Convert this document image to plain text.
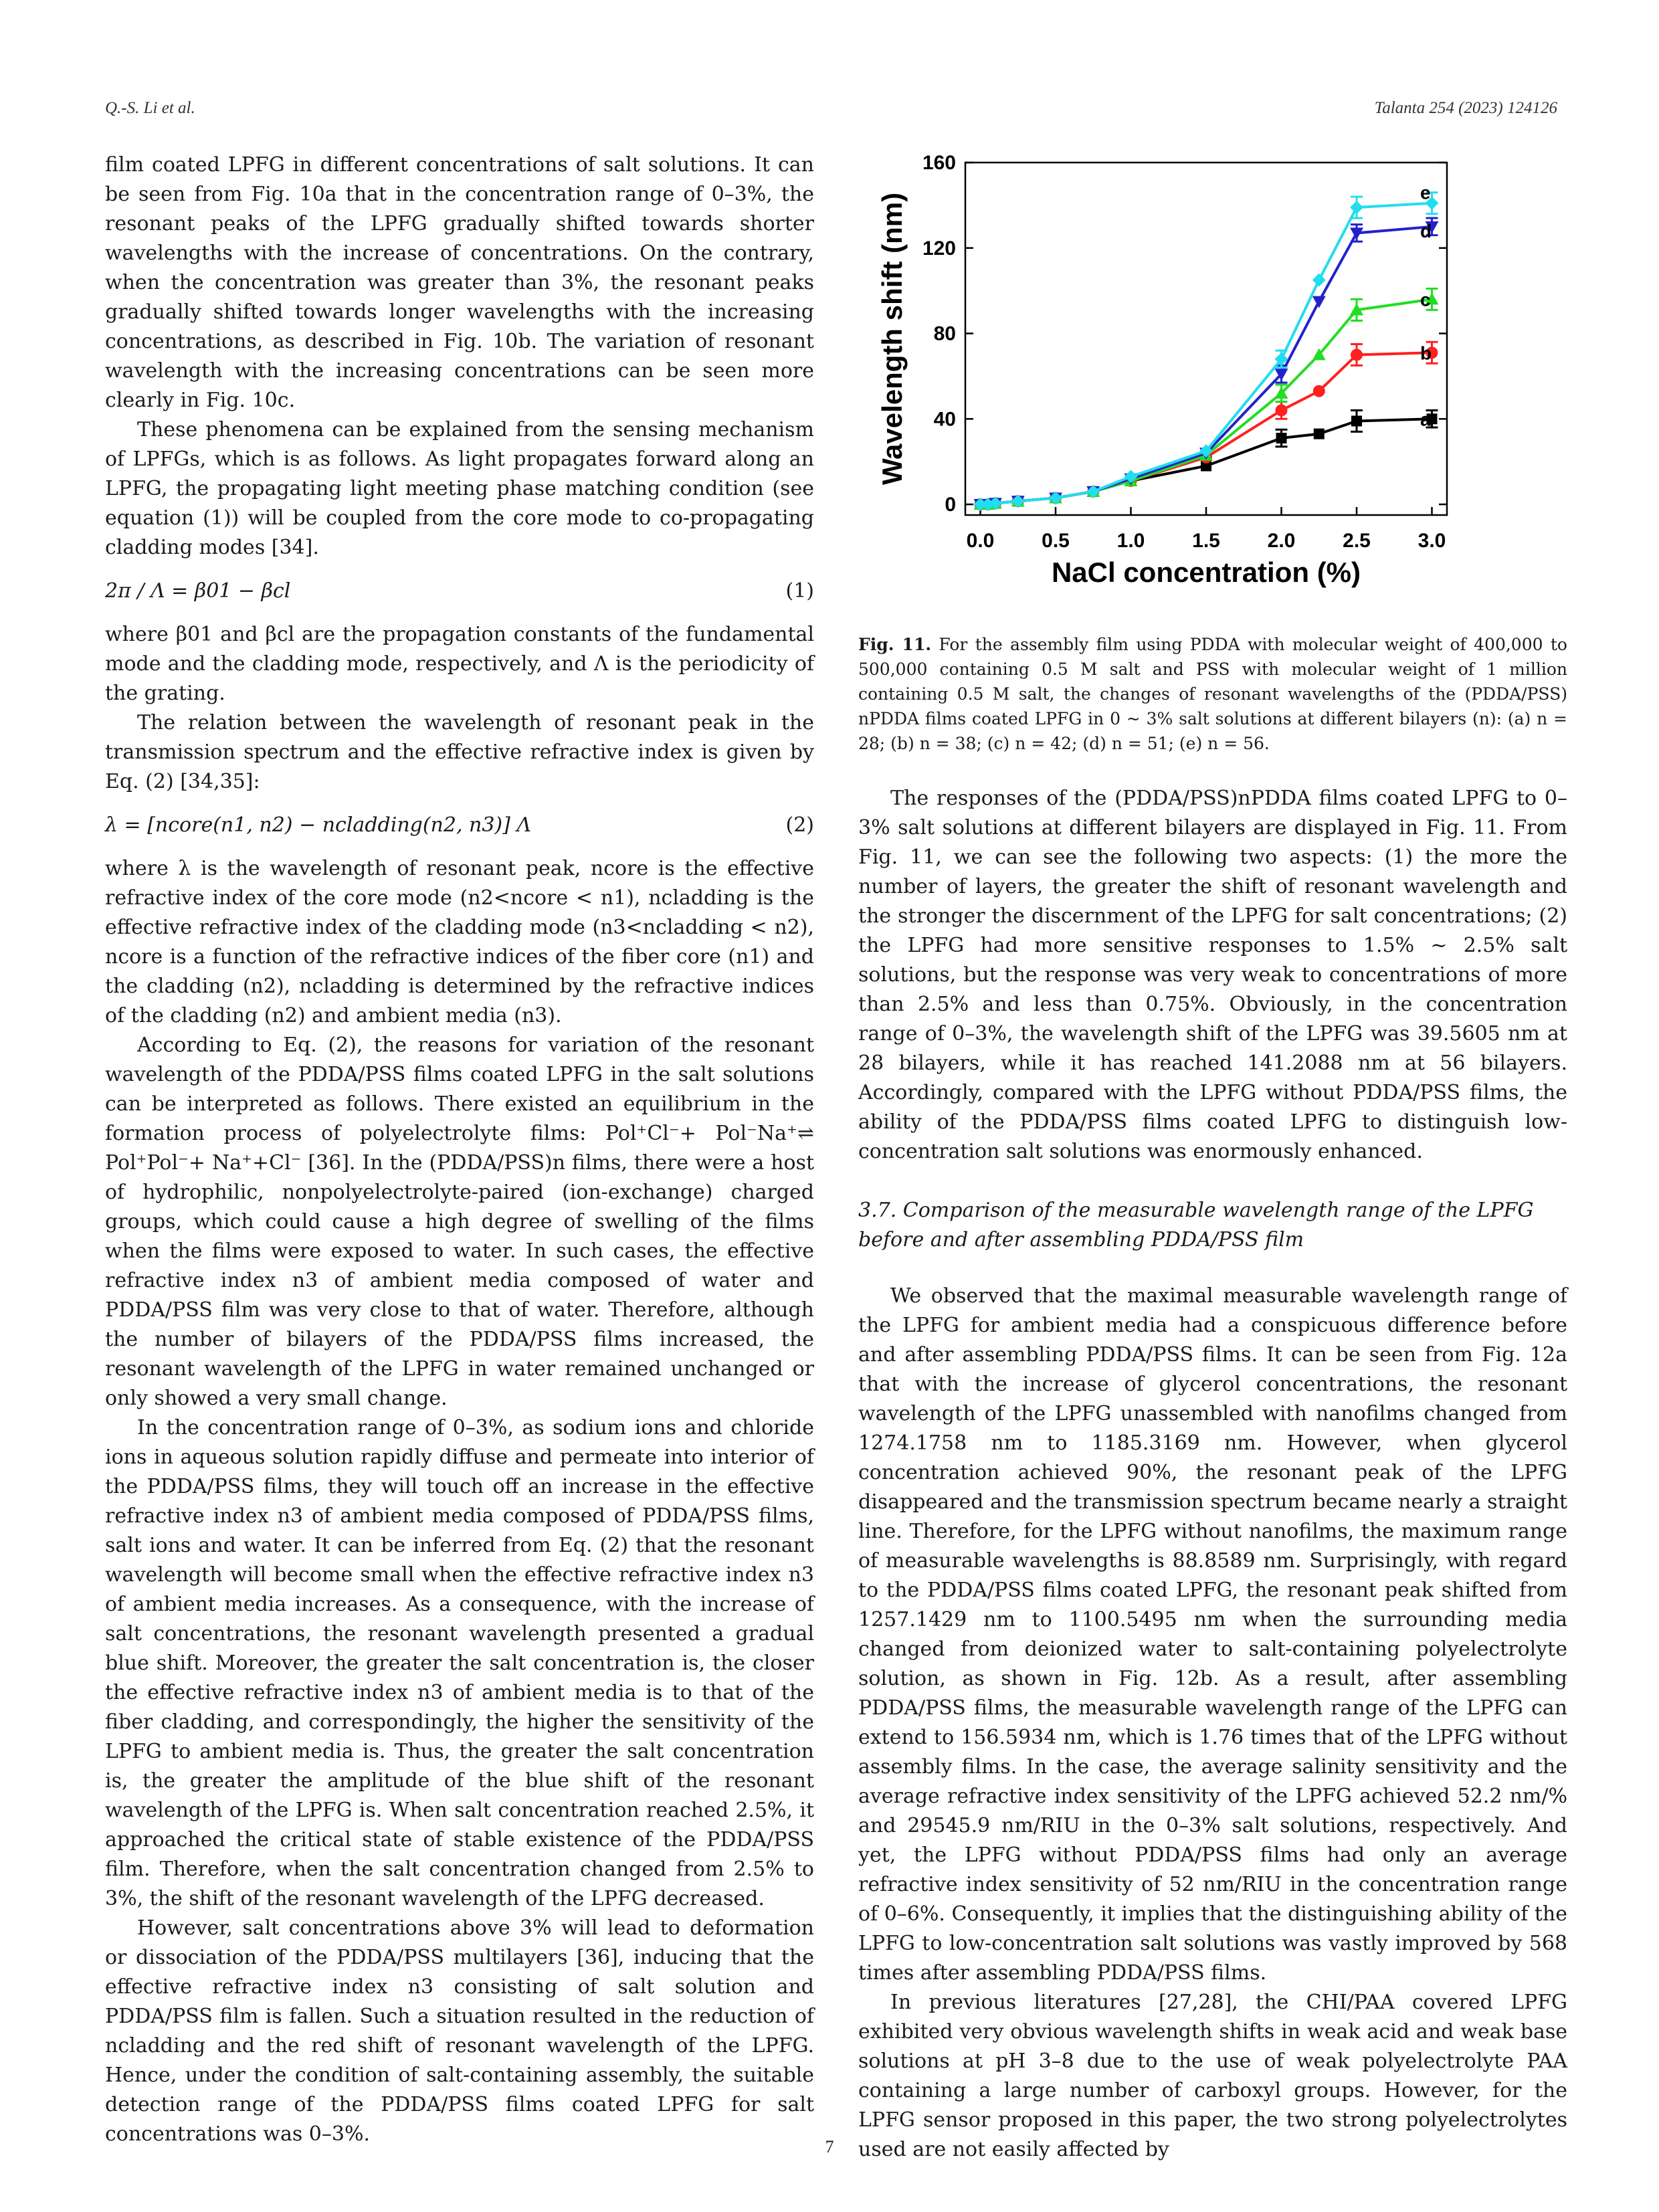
Q.-S. Li et al.	Talanta 254 (2023) 124126

film coated LPFG in different concentrations of salt solutions. It can be seen from Fig. 10a that in the concentration range of 0–3%, the resonant peaks of the LPFG gradually shifted towards shorter wavelengths with the increase of concentrations. On the contrary, when the concentration was greater than 3%, the resonant peaks gradually shifted towards longer wavelengths with the increasing concentrations, as described in Fig. 10b. The variation of resonant wavelength with the increasing concentrations can be seen more clearly in Fig. 10c.

These phenomena can be explained from the sensing mechanism of LPFGs, which is as follows. As light propagates forward along an LPFG, the propagating light meeting phase matching condition (see equation (1)) will be coupled from the core mode to co-propagating cladding modes [34].

2π / Λ = β01 − βcl	(1)

where β01 and βcl are the propagation constants of the fundamental mode and the cladding mode, respectively, and Λ is the periodicity of the grating.

The relation between the wavelength of resonant peak in the transmission spectrum and the effective refractive index is given by Eq. (2) [34,35]:

λ = [ncore(n1, n2) − ncladding(n2, n3)] Λ	(2)

where λ is the wavelength of resonant peak, ncore is the effective refractive index of the core mode (n2<ncore < n1), ncladding is the effective refractive index of the cladding mode (n3<ncladding < n2), ncore is a function of the refractive indices of the fiber core (n1) and the cladding (n2), ncladding is determined by the refractive indices of the cladding (n2) and ambient media (n3).

According to Eq. (2), the reasons for variation of the resonant wavelength of the PDDA/PSS films coated LPFG in the salt solutions can be interpreted as follows. There existed an equilibrium in the formation process of polyelectrolyte films: Pol⁺Cl⁻+ Pol⁻Na⁺⇌ Pol⁺Pol⁻+ Na⁺+Cl⁻ [36]. In the (PDDA/PSS)n films, there were a host of hydrophilic, nonpolyelectrolyte-paired (ion-exchange) charged groups, which could cause a high degree of swelling of the films when the films were exposed to water. In such cases, the effective refractive index n3 of ambient media composed of water and PDDA/PSS film was very close to that of water. Therefore, although the number of bilayers of the PDDA/PSS films increased, the resonant wavelength of the LPFG in water remained unchanged or only showed a very small change.

In the concentration range of 0–3%, as sodium ions and chloride ions in aqueous solution rapidly diffuse and permeate into interior of the PDDA/PSS films, they will touch off an increase in the effective refractive index n3 of ambient media composed of PDDA/PSS films, salt ions and water. It can be inferred from Eq. (2) that the resonant wavelength will become small when the effective refractive index n3 of ambient media increases. As a consequence, with the increase of salt concentrations, the resonant wavelength presented a gradual blue shift. Moreover, the greater the salt concentration is, the closer the effective refractive index n3 of ambient media is to that of the fiber cladding, and correspondingly, the higher the sensitivity of the LPFG to ambient media is. Thus, the greater the salt concentration is, the greater the amplitude of the blue shift of the resonant wavelength of the LPFG is. When salt concentration reached 2.5%, it approached the critical state of stable existence of the PDDA/PSS film. Therefore, when the salt concentration changed from 2.5% to 3%, the shift of the resonant wavelength of the LPFG decreased.

However, salt concentrations above 3% will lead to deformation or dissociation of the PDDA/PSS multilayers [36], inducing that the effective refractive index n3 consisting of salt solution and PDDA/PSS film is fallen. Such a situation resulted in the reduction of ncladding and the red shift of resonant wavelength of the LPFG. Hence, under the condition of salt-containing assembly, the suitable detection range of the PDDA/PSS films coated LPFG for salt concentrations was 0–3%.

0
40
80
120
160
0.0 0.5 1.0 1.5 2.0 2.5 3.0
NaCl concentration (%)
Wavelength shift (nm)	a
b
c
d
e
Fig. 11. For the assembly film using PDDA with molecular weight of 400,000 to 500,000 containing 0.5 M salt and PSS with molecular weight of 1 million containing 0.5 M salt, the changes of resonant wavelengths of the (PDDA/PSS) nPDDA films coated LPFG in 0 ~ 3% salt solutions at different bilayers (n): (a) n = 28; (b) n = 38; (c) n = 42; (d) n = 51; (e) n = 56.

The responses of the (PDDA/PSS)nPDDA films coated LPFG to 0–3% salt solutions at different bilayers are displayed in Fig. 11. From Fig. 11, we can see the following two aspects: (1) the more the number of layers, the greater the shift of resonant wavelength and the stronger the discernment of the LPFG for salt concentrations; (2) the LPFG had more sensitive responses to 1.5% ~ 2.5% salt solutions, but the response was very weak to concentrations of more than 2.5% and less than 0.75%. Obviously, in the concentration range of 0–3%, the wavelength shift of the LPFG was 39.5605 nm at 28 bilayers, while it has reached 141.2088 nm at 56 bilayers. Accordingly, compared with the LPFG without PDDA/PSS films, the ability of the PDDA/PSS films coated LPFG to distinguish low-concentration salt solutions was enormously enhanced.

3.7. Comparison of the measurable wavelength range of the LPFG before and after assembling PDDA/PSS film

We observed that the maximal measurable wavelength range of the LPFG for ambient media had a conspicuous difference before and after assembling PDDA/PSS films. It can be seen from Fig. 12a that with the increase of glycerol concentrations, the resonant wavelength of the LPFG unassembled with nanofilms changed from 1274.1758 nm to 1185.3169 nm. However, when glycerol concentration achieved 90%, the resonant peak of the LPFG disappeared and the transmission spectrum became nearly a straight line. Therefore, for the LPFG without nanofilms, the maximum range of measurable wavelengths is 88.8589 nm. Surprisingly, with regard to the PDDA/PSS films coated LPFG, the resonant peak shifted from 1257.1429 nm to 1100.5495 nm when the surrounding media changed from deionized water to salt-containing polyelectrolyte solution, as shown in Fig. 12b. As a result, after assembling PDDA/PSS films, the measurable wavelength range of the LPFG can extend to 156.5934 nm, which is 1.76 times that of the LPFG without assembly films. In the case, the average salinity sensitivity and the average refractive index sensitivity of the LPFG achieved 52.2 nm/% and 29545.9 nm/RIU in the 0–3% salt solutions, respectively. And yet, the LPFG without PDDA/PSS films had only an average refractive index sensitivity of 52 nm/RIU in the concentration range of 0–6%. Consequently, it implies that the distinguishing ability of the LPFG to low-concentration salt solutions was vastly improved by 568 times after assembling PDDA/PSS films.

In previous literatures [27,28], the CHI/PAA covered LPFG exhibited very obvious wavelength shifts in weak acid and weak base solutions at pH 3–8 due to the use of weak polyelectrolyte PAA containing a large number of carboxyl groups. However, for the LPFG sensor proposed in this paper, the two strong polyelectrolytes used are not easily affected by

7
